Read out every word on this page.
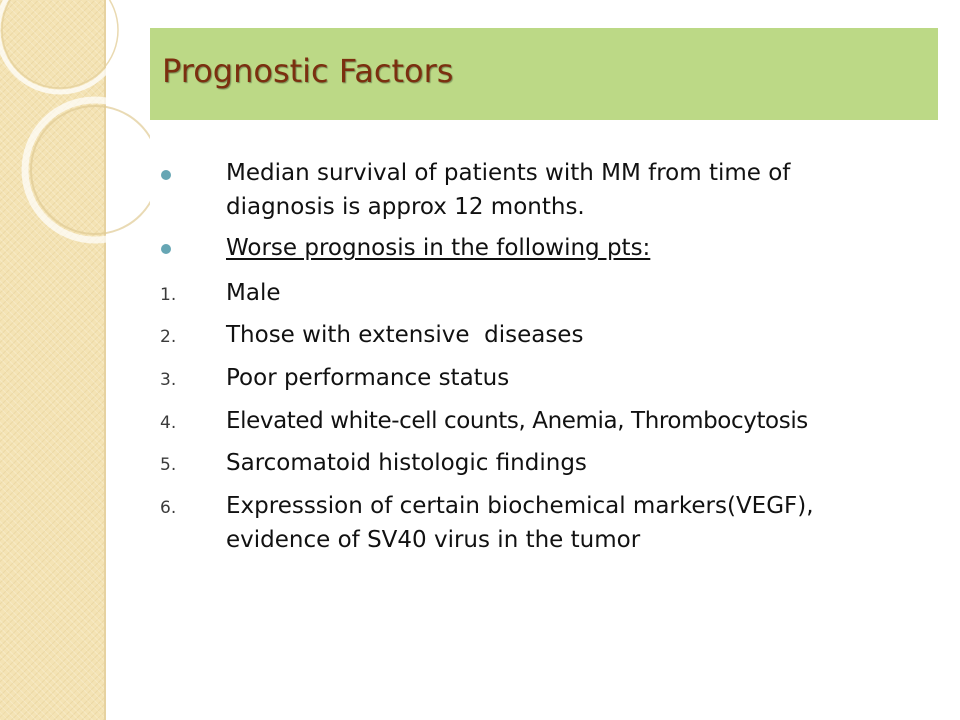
Prognostic Factors

Median survival of patients with MM from time of

diagnosis is approx 12 months.

Worse prognosis in the following pts:

1. Male

2. Those with extensive  diseases

3. Poor performance status

4. Elevated white-cell counts, Anemia, Thrombocytosis

5. Sarcomatoid histologic findings

6. Expresssion of certain biochemical markers(VEGF),

evidence of SV40 virus in the tumor
